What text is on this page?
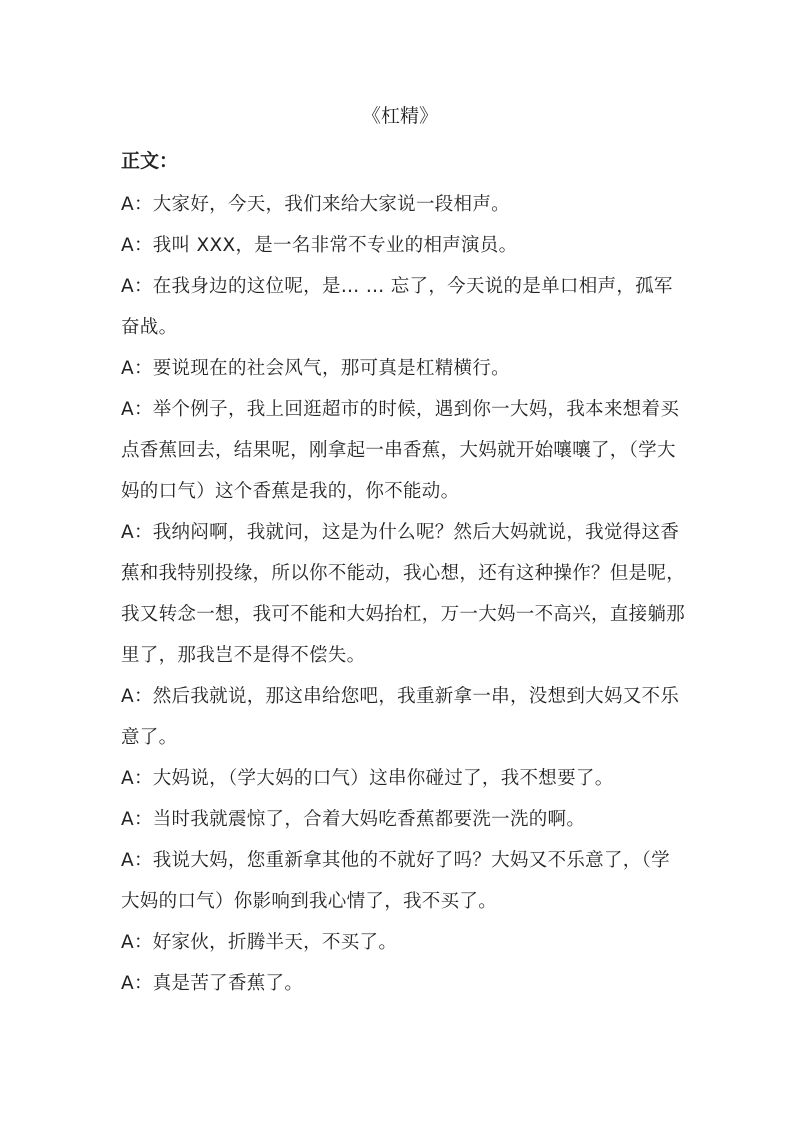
《杠精》
正文：

A：大家好，今天，我们来给大家说一段相声。

A：我叫 XXX，是一名非常不专业的相声演员。

A：在我身边的这位呢，是… … 忘了，今天说的是单口相声，孤军奋战。

A：要说现在的社会风气，那可真是杠精横行。

A：举个例子，我上回逛超市的时候，遇到你一大妈，我本来想着买点香蕉回去，结果呢，刚拿起一串香蕉，大妈就开始嚷嚷了，（学大妈的口气）这个香蕉是我的，你不能动。

A：我纳闷啊，我就问，这是为什么呢？然后大妈就说，我觉得这香蕉和我特别投缘，所以你不能动，我心想，还有这种操作？但是呢，我又转念一想，我可不能和大妈抬杠，万一大妈一不高兴，直接躺那里了，那我岂不是得不偿失。

A：然后我就说，那这串给您吧，我重新拿一串，没想到大妈又不乐意了。

A：大妈说，（学大妈的口气）这串你碰过了，我不想要了。

A：当时我就震惊了，合着大妈吃香蕉都要洗一洗的啊。

A：我说大妈，您重新拿其他的不就好了吗？大妈又不乐意了，（学大妈的口气）你影响到我心情了，我不买了。

A：好家伙，折腾半天，不买了。

A：真是苦了香蕉了。
